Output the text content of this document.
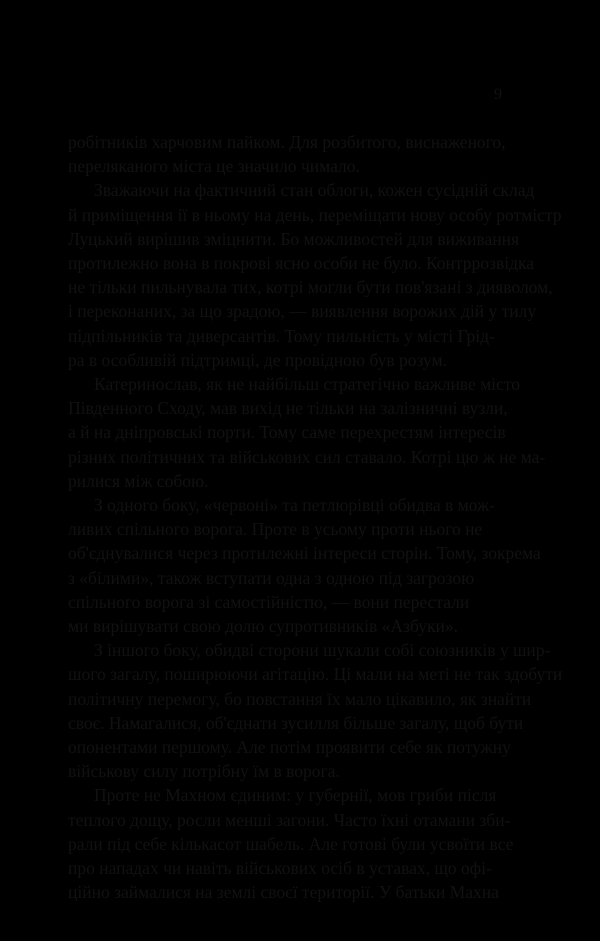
9
робітників харчовим пайком. Для розбитого, виснаженого,
переляканого міста це значило чимало.
Зважаючи на фактичний стан облоги, кожен сусідній склад
й приміщення ії в ньому на день, переміщати нову особу ротмістр
Луцький вирішив зміцнити. Бо можливостей для виживання
протилежно вона в покрові ясно особи не було. Контррозвідка
не тільки пильнувала тих, котрі могли бути пов'язані з дияволом,
і переконаних, за що зрадою, — виявлення ворожих дій у тилу
підпільників та диверсантів. Тому пильність у місті Грід-
ра в особливій підтримці, де провідною був розум.
Катеринослав, як не найбільш стратегічно важливе місто
Південного Сходу, мав вихід не тільки на залізничні вузли,
а й на дніпровські порти. Тому саме перехрестям інтересів
різних політичних та військових сил ставало. Котрі цю ж не ма-
рилися між собою.
З одного боку, «червоні» та петлюрівці обидва в мож-
ливих спільного ворога. Проте в усьому проти нього не
об'єднувалися через протилежні інтереси сторін. Тому, зокрема
з «білими», також вступати одна з одною під загрозою
спільного ворога зі самостійністю, — вони перестали
ми вирішувати свою долю супротивників «Азбуки».
З іншого боку, обидві сторони шукали собі союзників у шир-
шого загалу, поширюючи агітацію. Ці мали на меті не так здобути
політичну перемогу, бо повстання їх мало цікавило, як знайти
своє. Намагалися, об'єднати зусилля більше загалу, щоб бути
опонентами першому. Але потім проявити себе як потужну
військову силу потрібну їм в ворога.
Проте не Махном єдиним: у губернії, мов гриби після
теплого дощу, росли менші загони. Часто їхні отамани зби-
рали під себе кількасот шабель. Але готові були усвоїти все
про нападах чи навіть військових осіб в уставах, що офі-
ційно займалися на землі своєї території. У батьки Махна
